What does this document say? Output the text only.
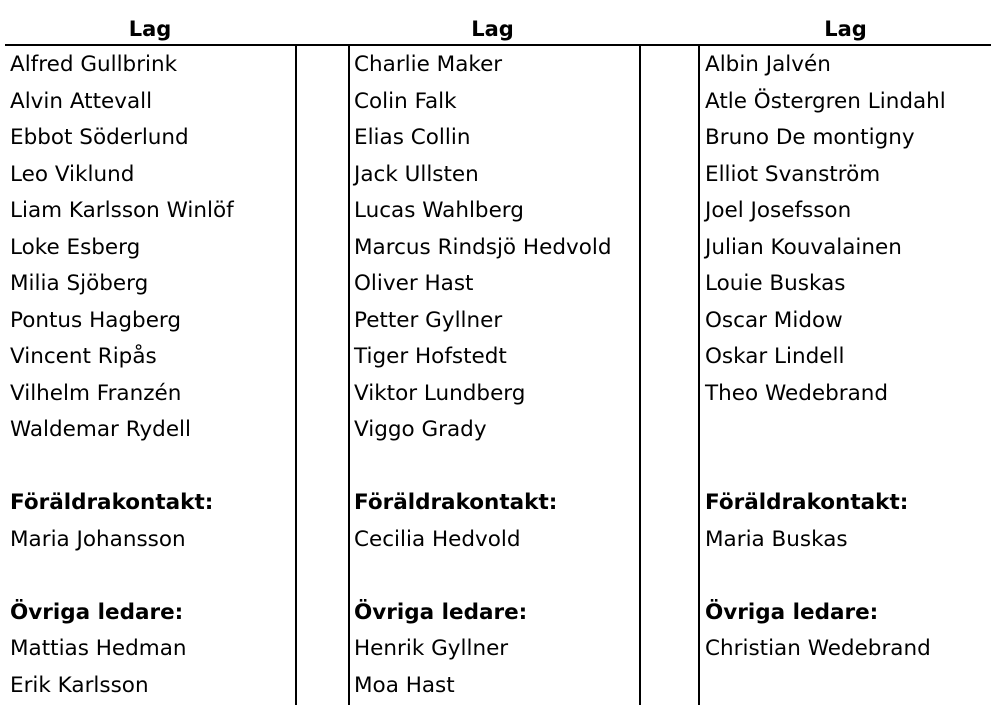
Lag	Lag	Lag
Alfred Gullbrink
Alvin Attevall
Ebbot Söderlund
Leo Viklund
Liam Karlsson Winlöf
Loke Esberg
Milia Sjöberg
Pontus Hagberg
Vincent Ripås
Vilhelm Franzén
Waldemar Rydell
Föräldrakontakt:
Maria Johansson
Övriga ledare:
Mattias Hedman
Erik Karlsson
Charlie Maker
Colin Falk
Elias Collin
Jack Ullsten
Lucas Wahlberg
Marcus Rindsjö Hedvold
Oliver Hast
Petter Gyllner
Tiger Hofstedt
Viktor Lundberg
Viggo Grady
Föräldrakontakt:
Cecilia Hedvold
Övriga ledare:
Henrik Gyllner
Moa Hast
Albin Jalvén
Atle Östergren Lindahl
Bruno De montigny
Elliot Svanström
Joel Josefsson
Julian Kouvalainen
Louie Buskas
Oscar Midow
Oskar Lindell
Theo Wedebrand
Föräldrakontakt:
Maria Buskas
Övriga ledare:
Christian Wedebrand
